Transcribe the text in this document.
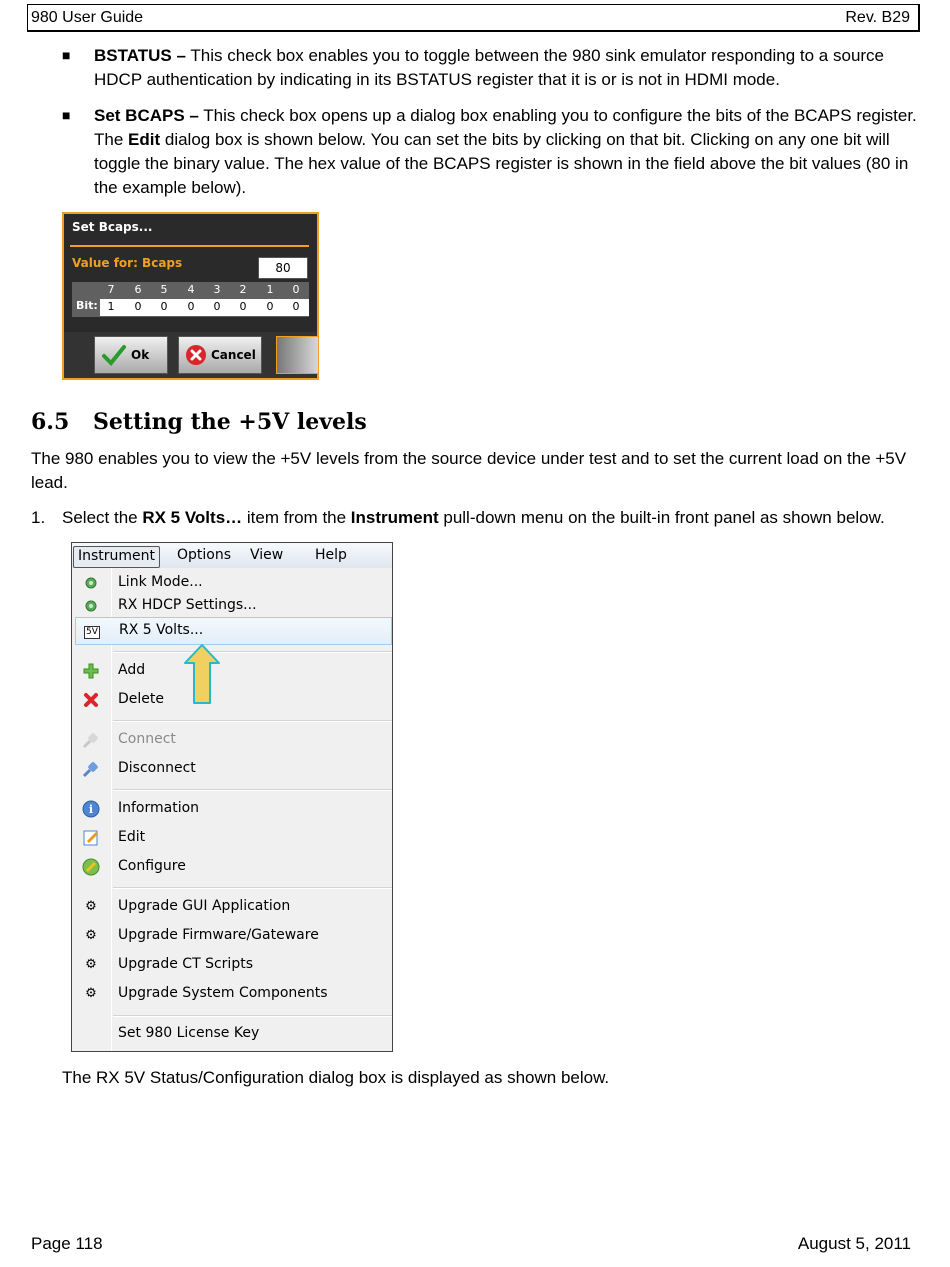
980 User Guide	Rev. B29
■ BSTATUS – This check box enables you to toggle between the 980 sink emulator responding to a source HDCP authentication by indicating in its BSTATUS register that it is or is not in HDMI mode.
■ Set BCAPS – This check box opens up a dialog box enabling you to configure the bits of the BCAPS register. The Edit dialog box is shown below. You can set the bits by clicking on that bit. Clicking on any one bit will toggle the binary value. The hex value of the BCAPS register is shown in the field above the bit values (80 in the example below).
Set Bcaps...
Value for: Bcaps	80
Bit:
7 6 5 4 3 2 1 0
1 0 0 0 0 0 0 0
Ok	Cancel
6.5 Setting the +5V levels
The 980 enables you to view the +5V levels from the source device under test and to set the current load on the +5V lead.
1. Select the RX 5 Volts… item from the Instrument pull-down menu on the built-in front panel as shown below.
Instrument	Options View Help
Link Mode...
RX HDCP Settings...
5V RX 5 Volts...
Add
Delete
Connect
Disconnect
i Information
Edit
Configure
⚙ Upgrade GUI Application
⚙ Upgrade Firmware/Gateware
⚙ Upgrade CT Scripts
⚙ Upgrade System Components
Set 980 License Key
The RX 5V Status/Configuration dialog box is displayed as shown below.
Page 118	August 5, 2011
